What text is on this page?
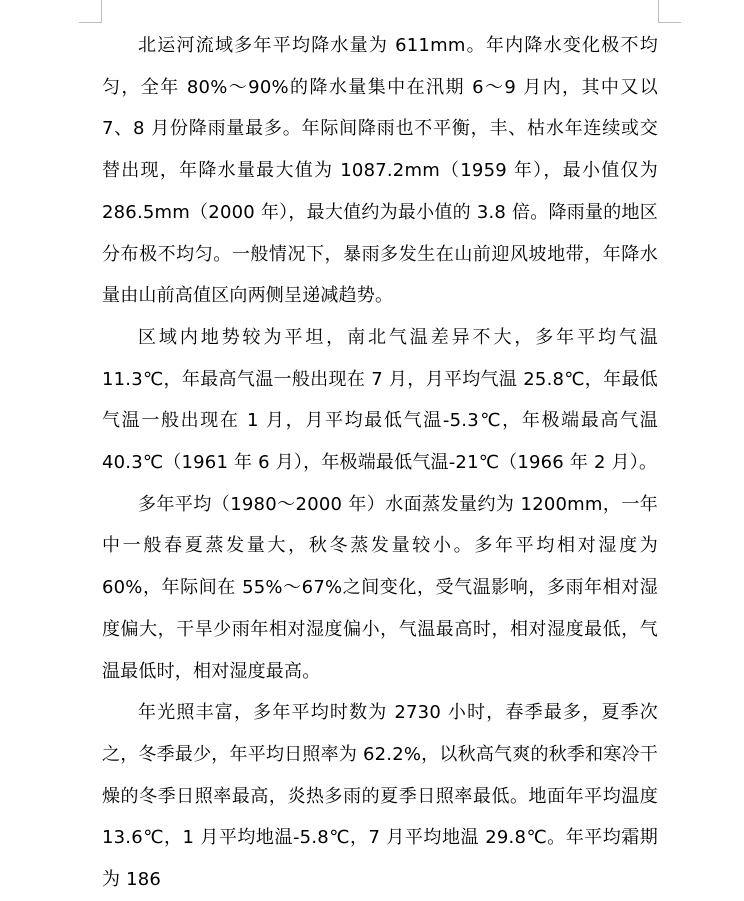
北运河流域多年平均降水量为 611mm。年内降水变化极不均匀，全年 80%～90%的降水量集中在汛期 6～9 月内，其中又以 7、8 月份降雨量最多。年际间降雨也不平衡，丰、枯水年连续或交替出现，年降水量最大值为 1087.2mm（1959 年），最小值仅为 286.5mm（2000 年），最大值约为最小值的 3.8 倍。降雨量的地区分布极不均匀。一般情况下，暴雨多发生在山前迎风坡地带，年降水量由山前高值区向两侧呈递减趋势。

区域内地势较为平坦，南北气温差异不大，多年平均气温 11.3℃，年最高气温一般出现在 7 月，月平均气温 25.8℃，年最低气温一般出现在 1 月，月平均最低气温-5.3℃，年极端最高气温 40.3℃（1961 年 6 月），年极端最低气温-21℃（1966 年 2 月）。

多年平均（1980～2000 年）水面蒸发量约为 1200mm，一年中一般春夏蒸发量大，秋冬蒸发量较小。多年平均相对湿度为 60%，年际间在 55%～67%之间变化，受气温影响，多雨年相对湿度偏大，干旱少雨年相对湿度偏小，气温最高时，相对湿度最低，气温最低时，相对湿度最高。

年光照丰富，多年平均时数为 2730 小时，春季最多，夏季次之，冬季最少，年平均日照率为 62.2%，以秋高气爽的秋季和寒冷干燥的冬季日照率最高，炎热多雨的夏季日照率最低。地面年平均温度 13.6℃，1 月平均地温-5.8℃，7 月平均地温 29.8℃。年平均霜期为 186
